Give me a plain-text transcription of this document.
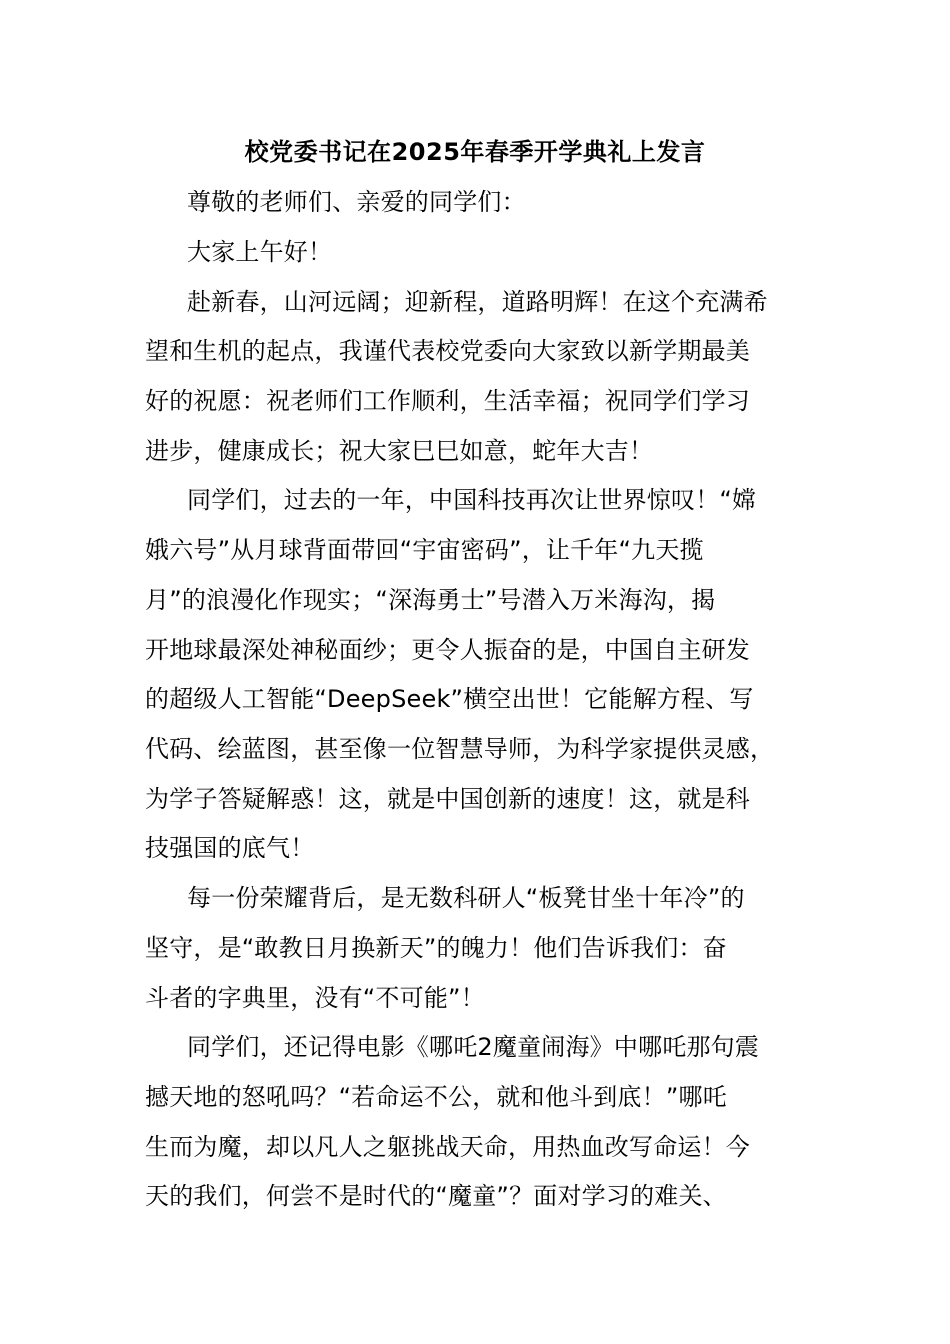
校党委书记在2025年春季开学典礼上发言
尊敬的老师们、亲爱的同学们：
大家上午好！
赴新春，山河远阔；迎新程，道路明辉！在这个充满希
望和生机的起点，我谨代表校党委向大家致以新学期最美
好的祝愿：祝老师们工作顺利，生活幸福；祝同学们学习
进步，健康成长；祝大家巳巳如意，蛇年大吉！
同学们，过去的一年，中国科技再次让世界惊叹！“嫦
娥六号”从月球背面带回“宇宙密码”，让千年“九天揽
月”的浪漫化作现实；“深海勇士”号潜入万米海沟，揭
开地球最深处神秘面纱；更令人振奋的是，中国自主研发
的超级人工智能“DeepSeek”横空出世！它能解方程、写
代码、绘蓝图，甚至像一位智慧导师，为科学家提供灵感，
为学子答疑解惑！这，就是中国创新的速度！这，就是科
技强国的底气！
每一份荣耀背后，是无数科研人“板凳甘坐十年冷”的
坚守，是“敢教日月换新天”的魄力！他们告诉我们：奋
斗者的字典里，没有“不可能”！
同学们，还记得电影《哪吒2魔童闹海》中哪吒那句震
撼天地的怒吼吗？“若命运不公，就和他斗到底！”哪吒
生而为魔，却以凡人之躯挑战天命，用热血改写命运！今
天的我们，何尝不是时代的“魔童”？面对学习的难关、
